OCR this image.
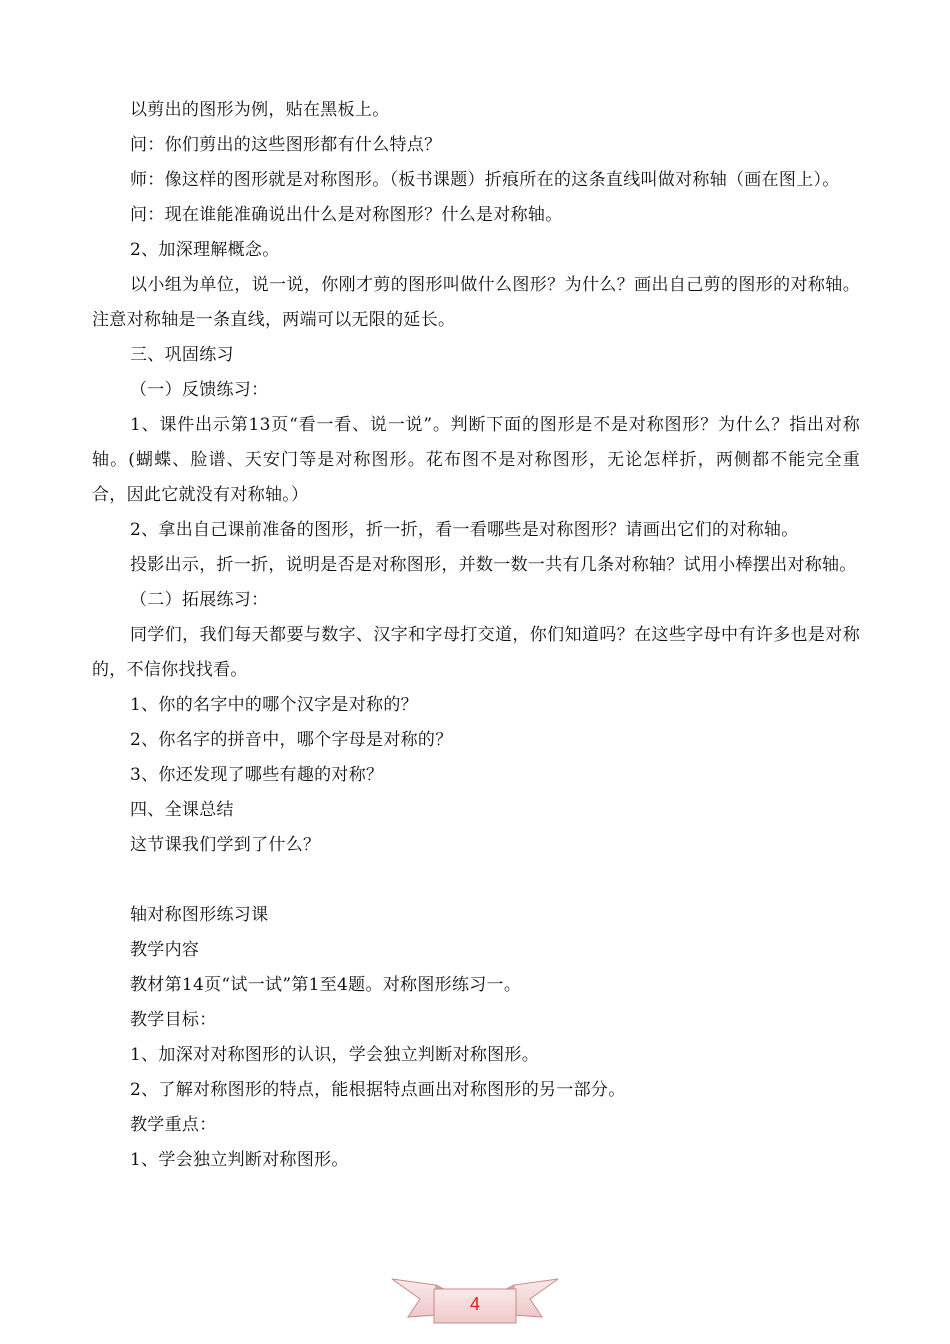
以剪出的图形为例，贴在黑板上。

问：你们剪出的这些图形都有什么特点？

师：像这样的图形就是对称图形。（板书课题）折痕所在的这条直线叫做对称轴（画在图上）。

问：现在谁能准确说出什么是对称图形？什么是对称轴。

2、加深理解概念。

以小组为单位，说一说，你刚才剪的图形叫做什么图形？为什么？画出自己剪的图形的对称轴。注意对称轴是一条直线，两端可以无限的延长。

三、巩固练习

（一）反馈练习：

1、课件出示第13页“看一看、说一说”。判断下面的图形是不是对称图形？为什么？指出对称轴。(蝴蝶、脸谱、天安门等是对称图形。花布图不是对称图形，无论怎样折，两侧都不能完全重合，因此它就没有对称轴。）

2、拿出自己课前准备的图形，折一折，看一看哪些是对称图形？请画出它们的对称轴。

投影出示，折一折，说明是否是对称图形，并数一数一共有几条对称轴？试用小棒摆出对称轴。

（二）拓展练习：

同学们，我们每天都要与数字、汉字和字母打交道，你们知道吗？在这些字母中有许多也是对称的，不信你找找看。

1、你的名字中的哪个汉字是对称的？

2、你名字的拼音中，哪个字母是对称的？

3、你还发现了哪些有趣的对称？

四、全课总结

这节课我们学到了什么？

轴对称图形练习课

教学内容

教材第14页“试一试”第1至4题。对称图形练习一。

教学目标：

1、加深对对称图形的认识，学会独立判断对称图形。

2、了解对称图形的特点，能根据特点画出对称图形的另一部分。

教学重点：

1、学会独立判断对称图形。

4
